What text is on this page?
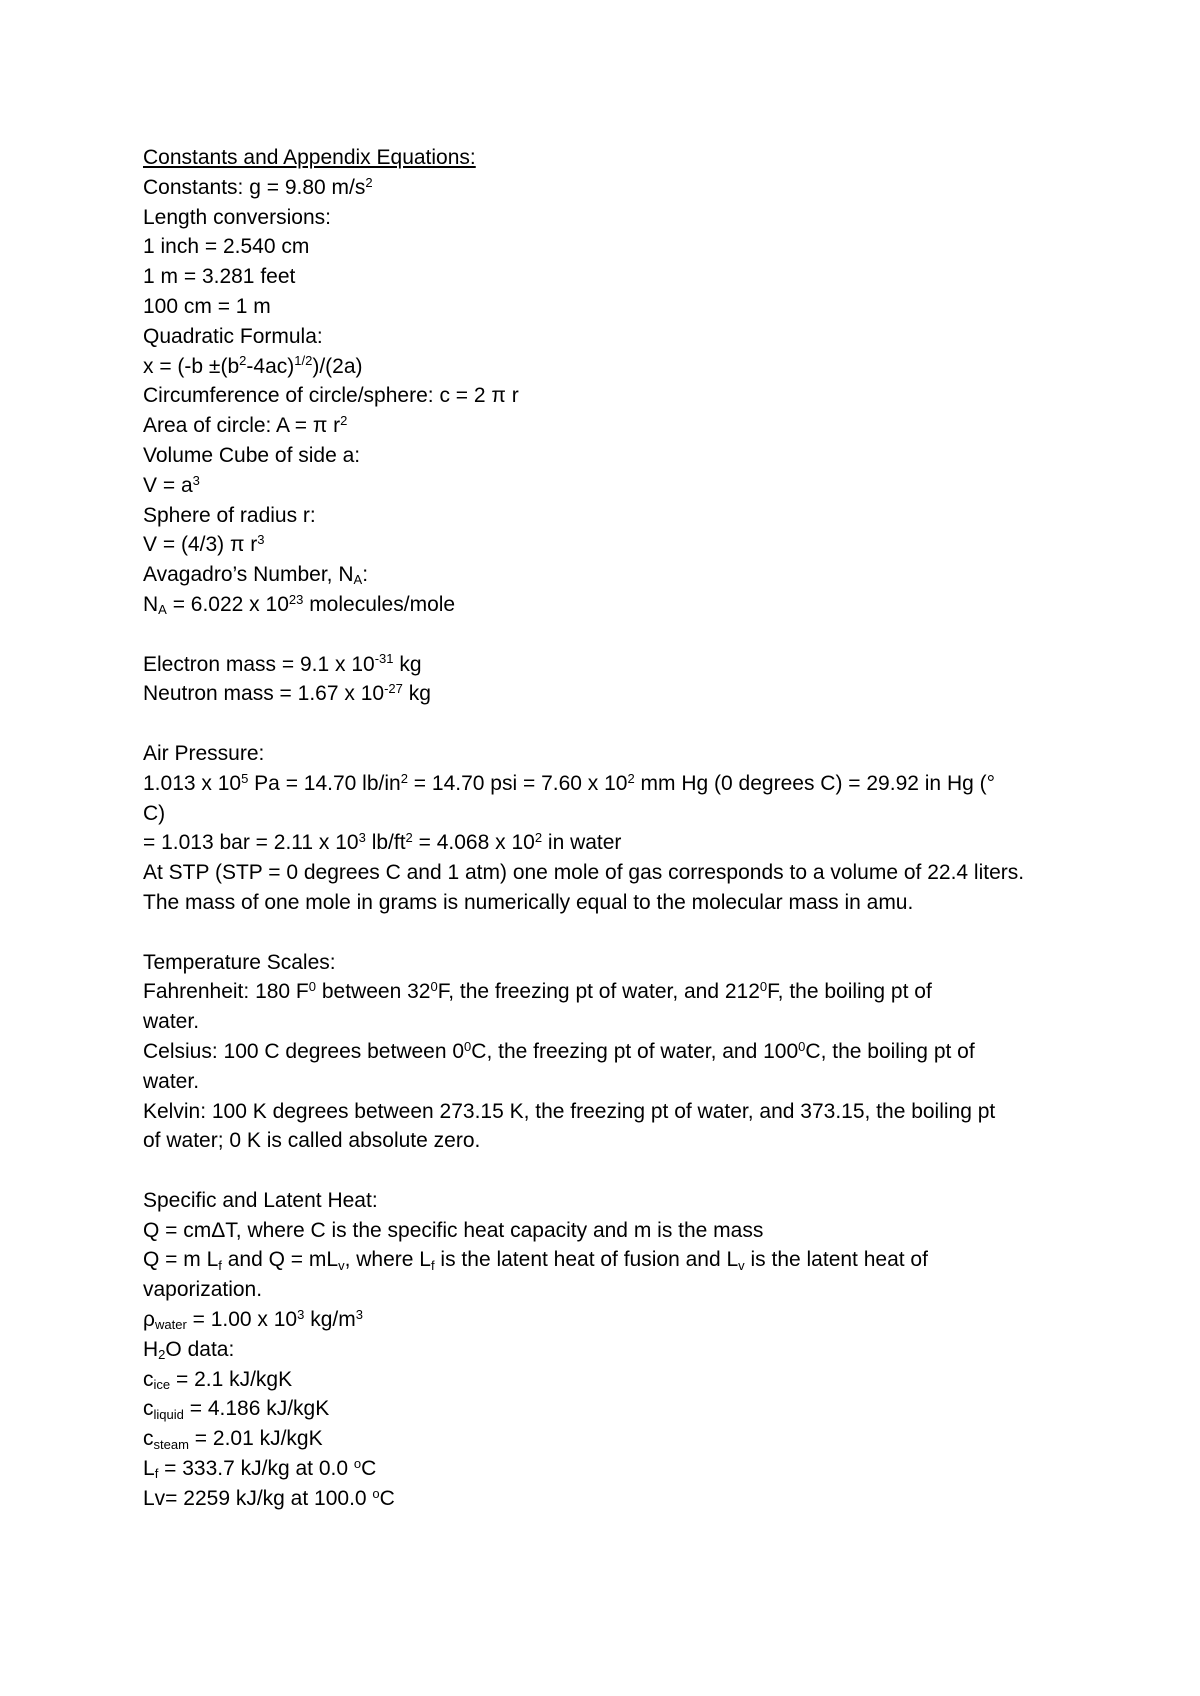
Constants and Appendix Equations:
Constants: g = 9.80 $m/s^2$
Length conversions:
1 inch = 2.540 cm
1 m = 3.281 feet
100 cm = 1 m
Quadratic Formula:
$x = (-b \pm(b^2-4ac)^{1/2})/(2a)$
Circumference of circle/sphere: c = 2 π r
Area of circle: A = π $r^2$
Volume Cube of side a:
$V = a^3$
Sphere of radius r:
V = (4/3) π $r^3$
Avagadro’s Number, $N_A$:
$N_A = 6.022$ x $10^{23}$ molecules/mole
Electron mass = 9.1 x $10^{-31}$ kg
Neutron mass = 1.67 x $10^{-27}$ kg
Air Pressure:
1.013 x $10^5$ Pa = 14.70 $lb/in^2 = 14.70$ psi = 7.60 x $10^2$ mm Hg (0 degrees C) = 29.92 in Hg (°
C)
= 1.013 bar = 2.11 x $10^3$ $lb/ft^2 = 4.068$ x $10^2$ in water
At STP (STP = 0 degrees C and 1 atm) one mole of gas corresponds to a volume of 22.4 liters.
The mass of one mole in grams is numerically equal to the molecular mass in amu.
Temperature Scales:
Fahrenheit: 180 $F^0$ between $32^0F$, the freezing pt of water, and $212^0F$, the boiling pt of
water.
Celsius: 100 C degrees between $0^0C$, the freezing pt of water, and $100^0C$, the boiling pt of
water.
Kelvin: 100 K degrees between 273.15 K, the freezing pt of water, and 373.15, the boiling pt
of water; 0 K is called absolute zero.
Specific and Latent Heat:
Q = cmΔT, where C is the specific heat capacity and m is the mass
Q = m $L_f$ and $Q = mL_v$, where $L_f$ is the latent heat of fusion and $L_v$ is the latent heat of
vaporization.
$\rho_{water} = 1.00$ x $10^3$ $kg/m^3$
$H_2O$ data:
$c_{ice} = 2.1$ kJ/kgK
$c_{liquid} = 4.186$ kJ/kgK
$c_{steam} = 2.01$ kJ/kgK
$L_f = 333.7$ kJ/kg at 0.0 $^o$C
Lv= 2259 kJ/kg at 100.0 $^o$C
